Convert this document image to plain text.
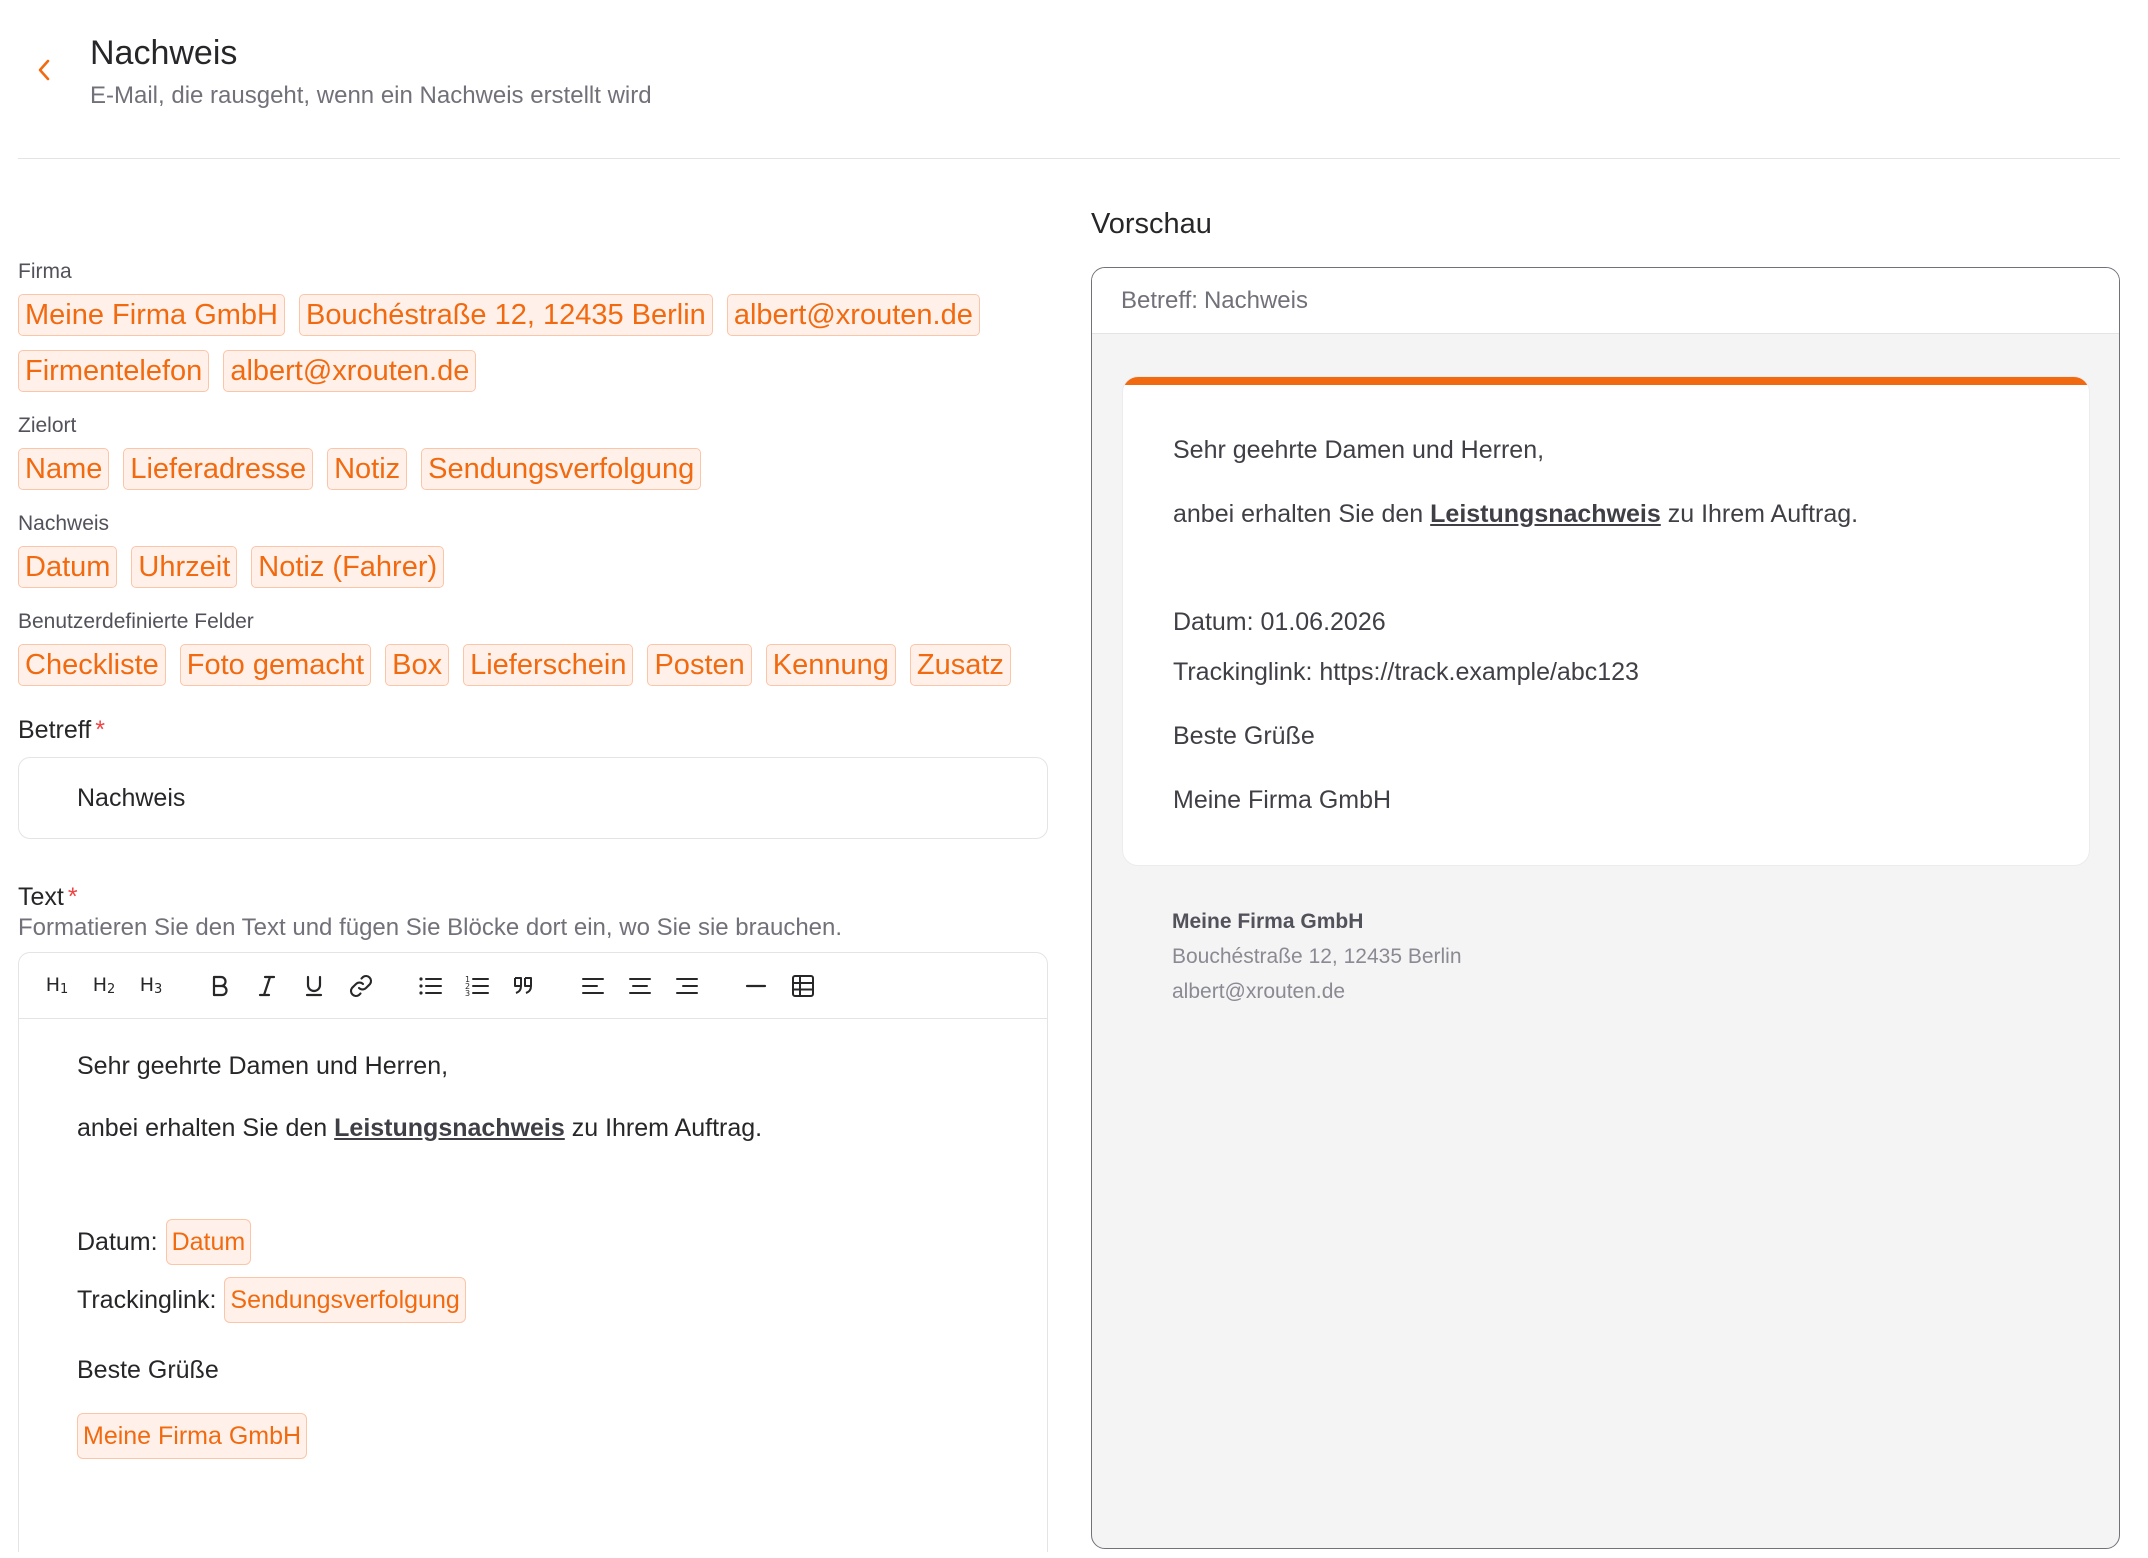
Nachweis
E-Mail, die rausgeht, wenn ein Nachweis erstellt wird
Firma
Meine Firma GmbH Bouchéstraße 12, 12435 Berlin albert@xrouten.de
Firmentelefon albert@xrouten.de
Zielort
Name Lieferadresse Notiz Sendungsverfolgung
Nachweis
Datum Uhrzeit Notiz (Fahrer)
Benutzerdefinierte Felder
Checkliste Foto gemacht Box Lieferschein Posten Kennung Zusatz
Betreff *
Nachweis
Text *
Formatieren Sie den Text und fügen Sie Blöcke dort ein, wo Sie sie brauchen.
$H_1$ $H_2$ $H_3$
1
2
3

Sehr geehrte Damen und Herren,

anbei erhalten Sie den Leistungsnachweis zu Ihrem Auftrag.

Datum: Datum
Trackinglink: Sendungsverfolgung

Beste Grüße

Meine Firma GmbH
Vorschau
Betreff: Nachweis

Sehr geehrte Damen und Herren,

anbei erhalten Sie den Leistungsnachweis zu Ihrem Auftrag.

Datum: 01.06.2026

Trackinglink: https://track.example/abc123

Beste Grüße

Meine Firma GmbH

Meine Firma GmbH
Bouchéstraße 12, 12435 Berlin
albert@xrouten.de
